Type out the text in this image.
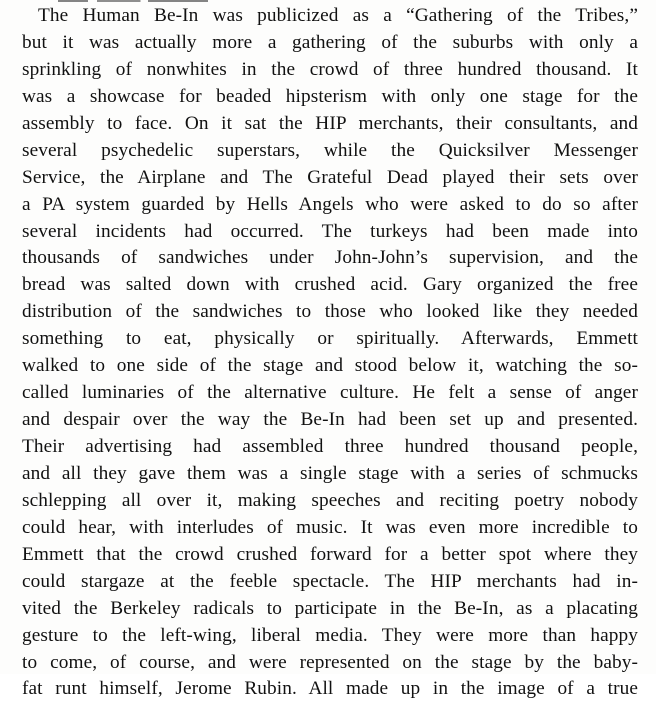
The Human Be-In was publicized as a “Gathering of the Tribes,”
but it was actually more a gathering of the suburbs with only a
sprinkling of nonwhites in the crowd of three hundred thousand. It
was a showcase for beaded hipsterism with only one stage for the
assembly to face. On it sat the HIP merchants, their consultants, and
several psychedelic superstars, while the Quicksilver Messenger
Service, the Airplane and The Grateful Dead played their sets over
a PA system guarded by Hells Angels who were asked to do so after
several incidents had occurred. The turkeys had been made into
thousands of sandwiches under John-John’s supervision, and the
bread was salted down with crushed acid. Gary organized the free
distribution of the sandwiches to those who looked like they needed
something to eat, physically or spiritually. Afterwards, Emmett
walked to one side of the stage and stood below it, watching the so-
called luminaries of the alternative culture. He felt a sense of anger
and despair over the way the Be-In had been set up and presented.
Their advertising had assembled three hundred thousand people,
and all they gave them was a single stage with a series of schmucks
schlepping all over it, making speeches and reciting poetry nobody
could hear, with interludes of music. It was even more incredible to
Emmett that the crowd crushed forward for a better spot where they
could stargaze at the feeble spectacle. The HIP merchants had in-
vited the Berkeley radicals to participate in the Be-In, as a placating
gesture to the left-wing, liberal media. They were more than happy
to come, of course, and were represented on the stage by the baby-
fat runt himself, Jerome Rubin. All made up in the image of a true
